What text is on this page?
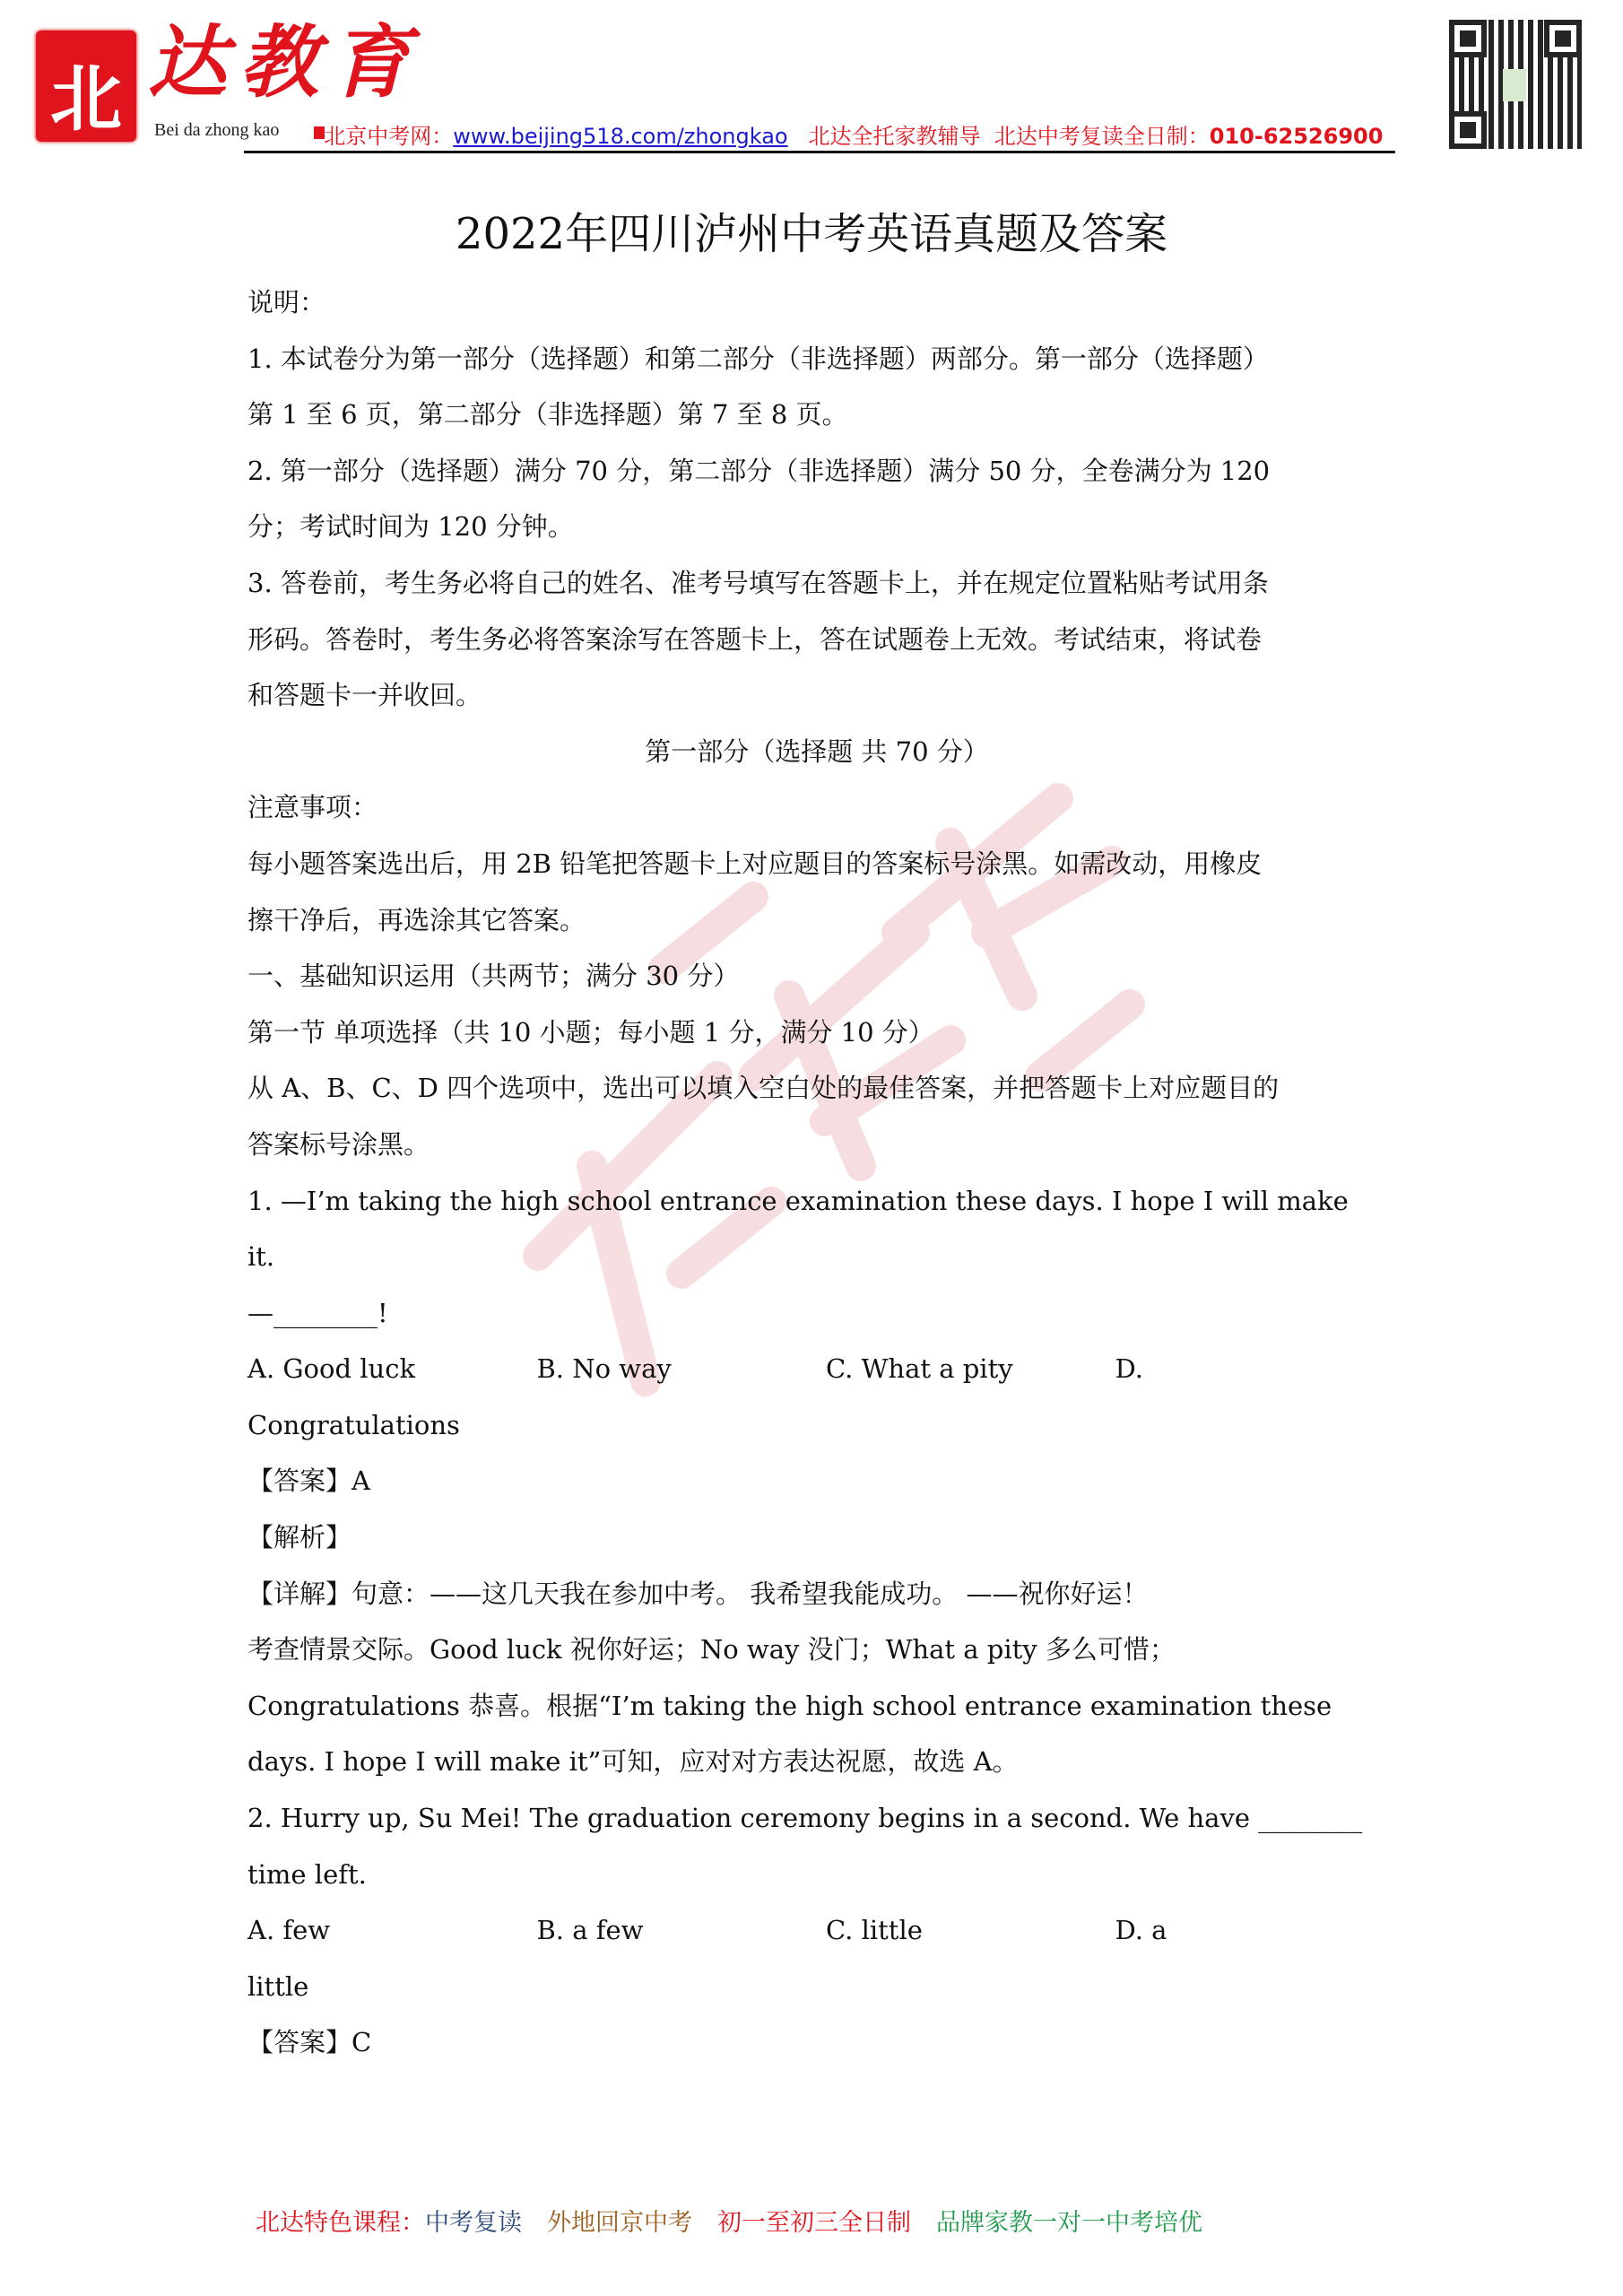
北 达教育
Bei da zhong kao	北京中考网：www.beijing518.com/zhongkao 北达全托家教辅导 北达中考复读全日制：010-62526900
2022年四川泸州中考英语真题及答案
说明：
1. 本试卷分为第一部分（选择题）和第二部分（非选择题）两部分。第一部分（选择题）
第 1 至 6 页，第二部分（非选择题）第 7 至 8 页。
2. 第一部分（选择题）满分 70 分，第二部分（非选择题）满分 50 分，全卷满分为 120
分；考试时间为 120 分钟。
3. 答卷前，考生务必将自己的姓名、准考号填写在答题卡上，并在规定位置粘贴考试用条
形码。答卷时，考生务必将答案涂写在答题卡上，答在试题卷上无效。考试结束，将试卷
和答题卡一并收回。
第一部分（选择题 共 70 分）
注意事项：
每小题答案选出后，用 2B 铅笔把答题卡上对应题目的答案标号涂黑。如需改动，用橡皮
擦干净后，再选涂其它答案。
一、基础知识运用（共两节；满分 30 分）
第一节 单项选择（共 10 小题；每小题 1 分，满分 10 分）
从 A、B、C、D 四个选项中，选出可以填入空白处的最佳答案，并把答题卡上对应题目的
答案标号涂黑。
1. —I’m taking the high school entrance examination these days. I hope I will make
it.
—________!
A. Good luck	B. No way	C. What a pity	D.
Congratulations
【答案】A
【解析】
【详解】句意：——这几天我在参加中考。 我希望我能成功。 ——祝你好运！
考查情景交际。Good luck 祝你好运；No way 没门；What a pity 多么可惜；
Congratulations 恭喜。根据“I’m taking the high school entrance examination these
days. I hope I will make it”可知，应对对方表达祝愿，故选 A。
2. Hurry up, Su Mei! The graduation ceremony begins in a second. We have ________
time left.
A. few	B. a few	C. little	D. a
little
【答案】C
北达特色课程：中考复读 外地回京中考 初一至初三全日制 品牌家教一对一中考培优
